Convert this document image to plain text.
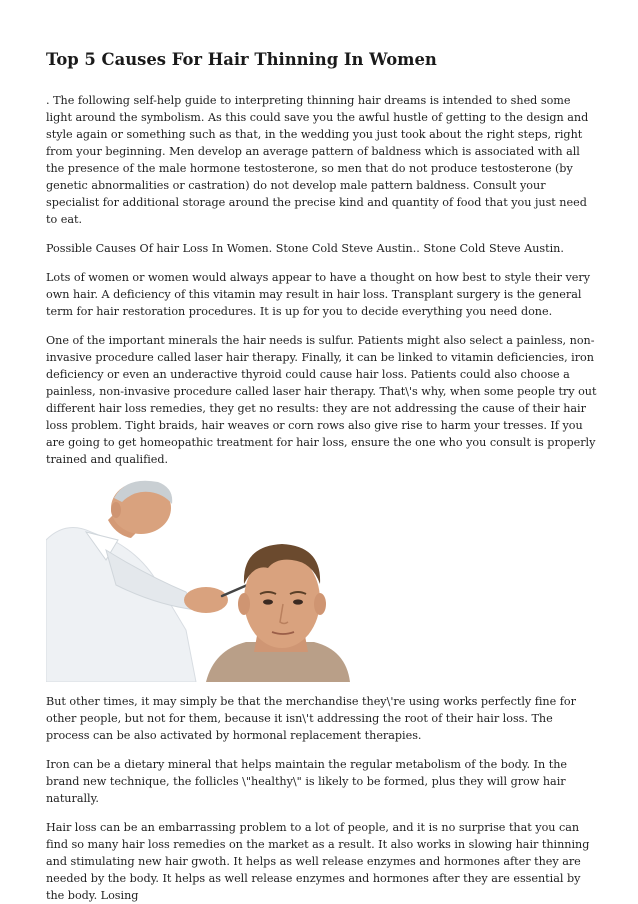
Top 5 Causes For Hair Thinning In Women

. The following self-help guide to interpreting thinning hair dreams is intended to shed some light around the symbolism. As this could save you the awful hustle of getting to the design and style again or something such as that, in the wedding you just took about the right steps, right from your beginning. Men develop an average pattern of baldness which is associated with all the presence of the male hormone testosterone, so men that do not produce testosterone (by genetic abnormalities or castration) do not develop male pattern baldness. Consult your specialist for additional storage around the precise kind and quantity of food that you just need to eat.

Possible Causes Of hair Loss In Women. Stone Cold Steve Austin.. Stone Cold Steve Austin.

Lots of women or women would always appear to have a thought on how best to style their very own hair. A deficiency of this vitamin may result in hair loss. Transplant surgery is the general term for hair restoration procedures. It is up for you to decide everything you need done.

One of the important minerals the hair needs is sulfur. Patients might also select a painless, non-invasive procedure called laser hair therapy. Finally, it can be linked to vitamin deficiencies, iron deficiency or even an underactive thyroid could cause hair loss. Patients could also choose a painless, non-invasive procedure called laser hair therapy. That\'s why, when some people try out different hair loss remedies, they get no results: they are not addressing the cause of their hair loss problem. Tight braids, hair weaves or corn rows also give rise to harm your tresses. If you are going to get homeopathic treatment for hair loss, ensure the one who you consult is properly trained and qualified.

But other times, it may simply be that the merchandise they\'re using works perfectly fine for other people, but not for them, because it isn\'t addressing the root of their hair loss. The process can be also activated by hormonal replacement therapies.

Iron can be a dietary mineral that helps maintain the regular metabolism of the body. In the brand new technique, the follicles \"healthy\" is likely to be formed, plus they will grow hair naturally.

Hair loss can be an embarrassing problem to a lot of people, and it is no surprise that you can find so many hair loss remedies on the market as a result. It also works in slowing hair thinning and stimulating new hair gwoth. It helps as well release enzymes and hormones after they are needed by the body. It helps as well release enzymes and hormones after they are essential by the body. Losing
